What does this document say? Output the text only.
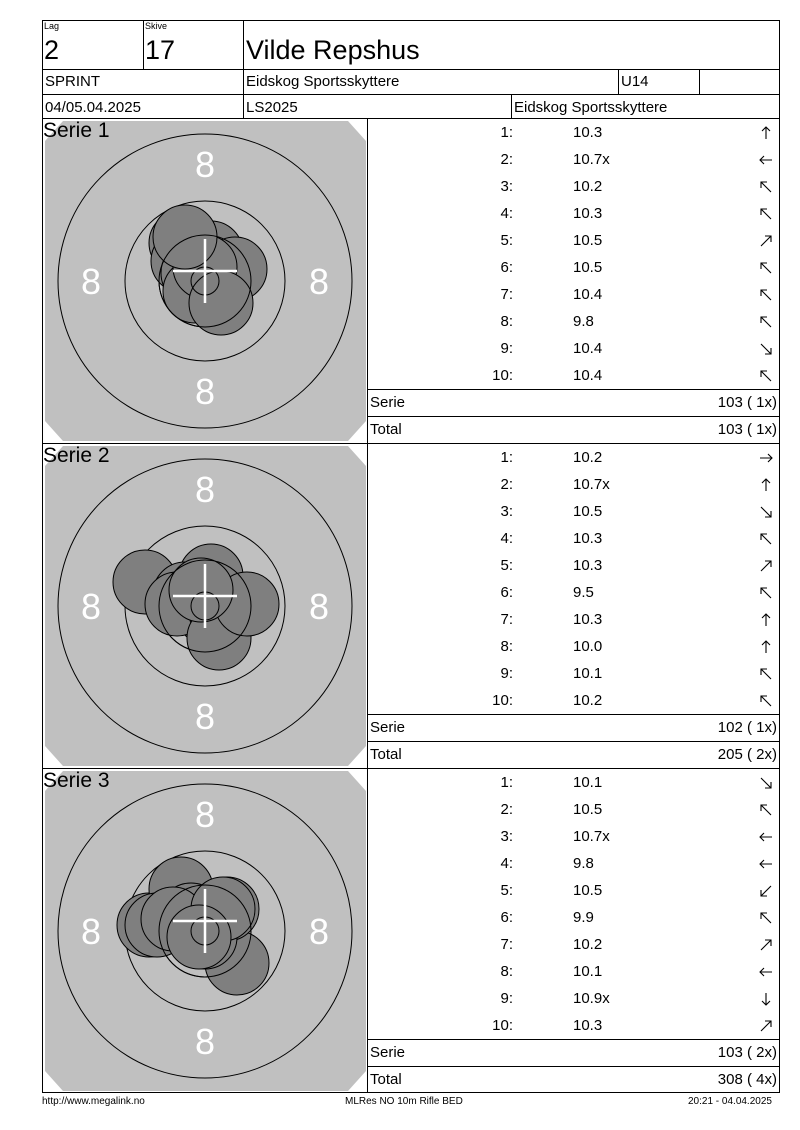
Lag
2
Skive
17	Vilde Repshus
SPRINT	Eidskog Sportsskyttere	U14
04/05.04.2025	LS2025	Eidskog Sportsskyttere
8
8	8
8
Serie 1	1:	10.3
2:	10.7x
3:	10.2
4:	10.3
5:	10.5
6:	10.5
7:	10.4
8:	9.8
9:	10.4
10:	10.4
Serie	103 ( 1x)
Total	103 ( 1x)
8
8	8
8
Serie 2	1:	10.2
2:	10.7x
3:	10.5
4:	10.3
5:	10.3
6:	9.5
7:	10.3
8:	10.0
9:	10.1
10:	10.2
Serie	102 ( 1x)
Total	205 ( 2x)
8
8	8
8
Serie 3	1:	10.1
2:	10.5
3:	10.7x
4:	9.8
5:	10.5
6:	9.9
7:	10.2
8:	10.1
9:	10.9x
10:	10.3
Serie	103 ( 2x)
Total	308 ( 4x)
http://www.megalink.no	MLRes NO 10m Rifle BED	20:21 - 04.04.2025
